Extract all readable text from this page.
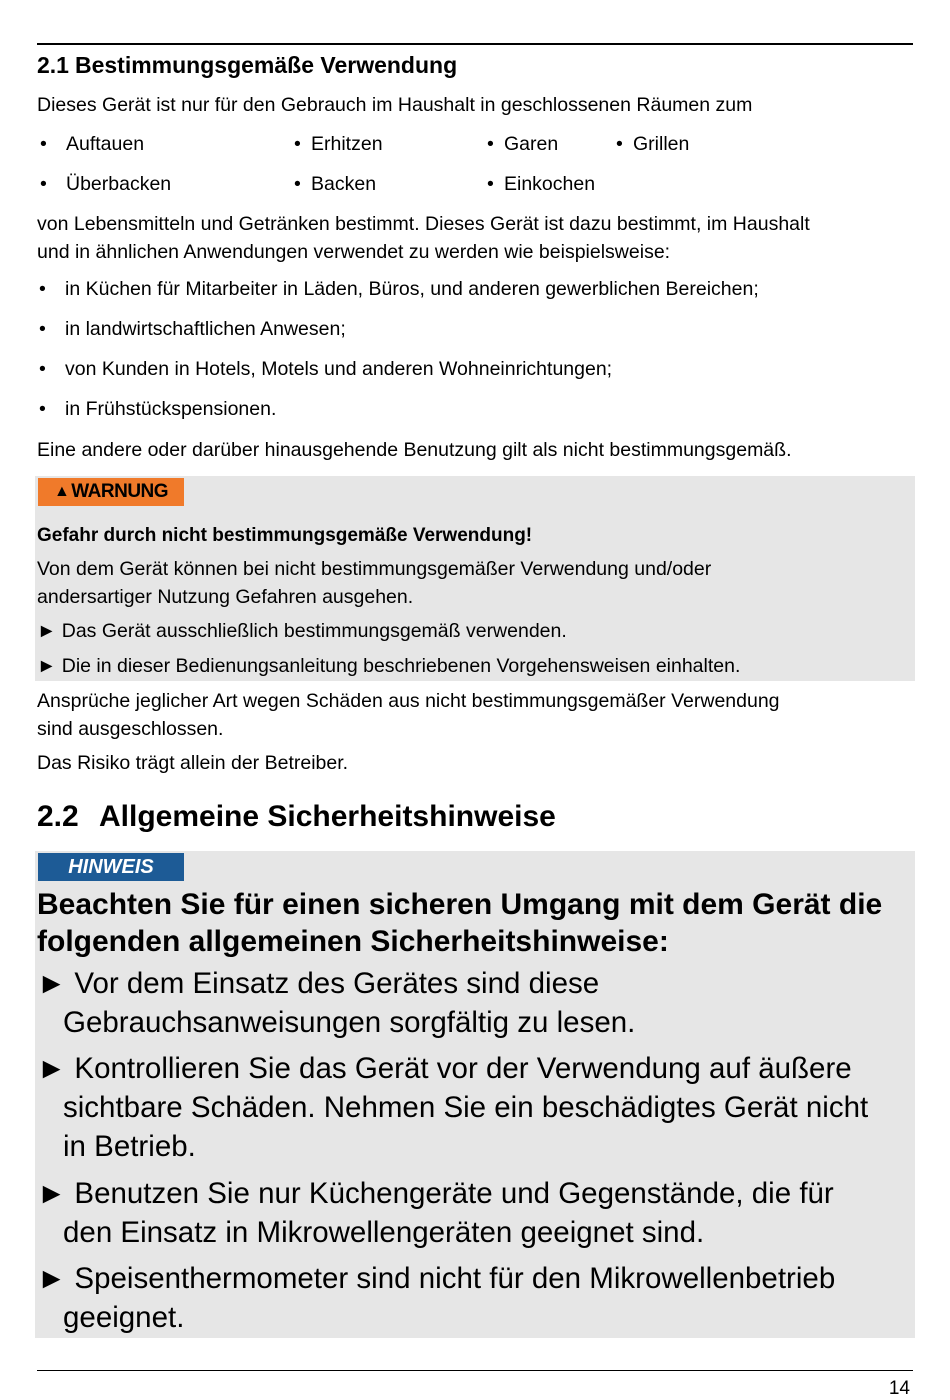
2.1 Bestimmungsgemäße Verwendung
Dieses Gerät ist nur für den Gebrauch im Haushalt in geschlossenen Räumen zum
•Auftauen •	Erhitzen •	Garen •	Grillen
•Überbacken •	Backen •	Einkochen
von Lebensmitteln und Getränken bestimmt. Dieses Gerät ist dazu bestimmt, im Haushalt
und in ähnlichen Anwendungen verwendet zu werden wie beispielsweise:
•in Küchen für Mitarbeiter in Läden, Büros, und anderen gewerblichen Bereichen;
•in landwirtschaftlichen Anwesen;
•von Kunden in Hotels, Motels und anderen Wohneinrichtungen;
•in Frühstückspensionen.
Eine andere oder darüber hinausgehende Benutzung gilt als nicht bestimmungsgemäß.
▲ WARNUNG
Gefahr durch nicht bestimmungsgemäße Verwendung!
Von dem Gerät können bei nicht bestimmungsgemäßer Verwendung und/oder
andersartiger Nutzung Gefahren ausgehen.
► Das Gerät ausschließlich bestimmungsgemäß verwenden.
► Die in dieser Bedienungsanleitung beschriebenen Vorgehensweisen einhalten.
Ansprüche jeglicher Art wegen Schäden aus nicht bestimmungsgemäßer Verwendung
sind ausgeschlossen.
Das Risiko trägt allein der Betreiber.
2.2 Allgemeine Sicherheitshinweise
HINWEIS
Beachten Sie für einen sicheren Umgang mit dem Gerät die
folgenden allgemeinen Sicherheitshinweise:
► Vor dem Einsatz des Gerätes sind diese
Gebrauchsanweisungen sorgfältig zu lesen.
► Kontrollieren Sie das Gerät vor der Verwendung auf äußere
sichtbare Schäden. Nehmen Sie ein beschädigtes Gerät nicht
in Betrieb.
► Benutzen Sie nur Küchengeräte und Gegenstände, die für
den Einsatz in Mikrowellengeräten geeignet sind.
► Speisenthermometer sind nicht für den Mikrowellenbetrieb
geeignet.
14
